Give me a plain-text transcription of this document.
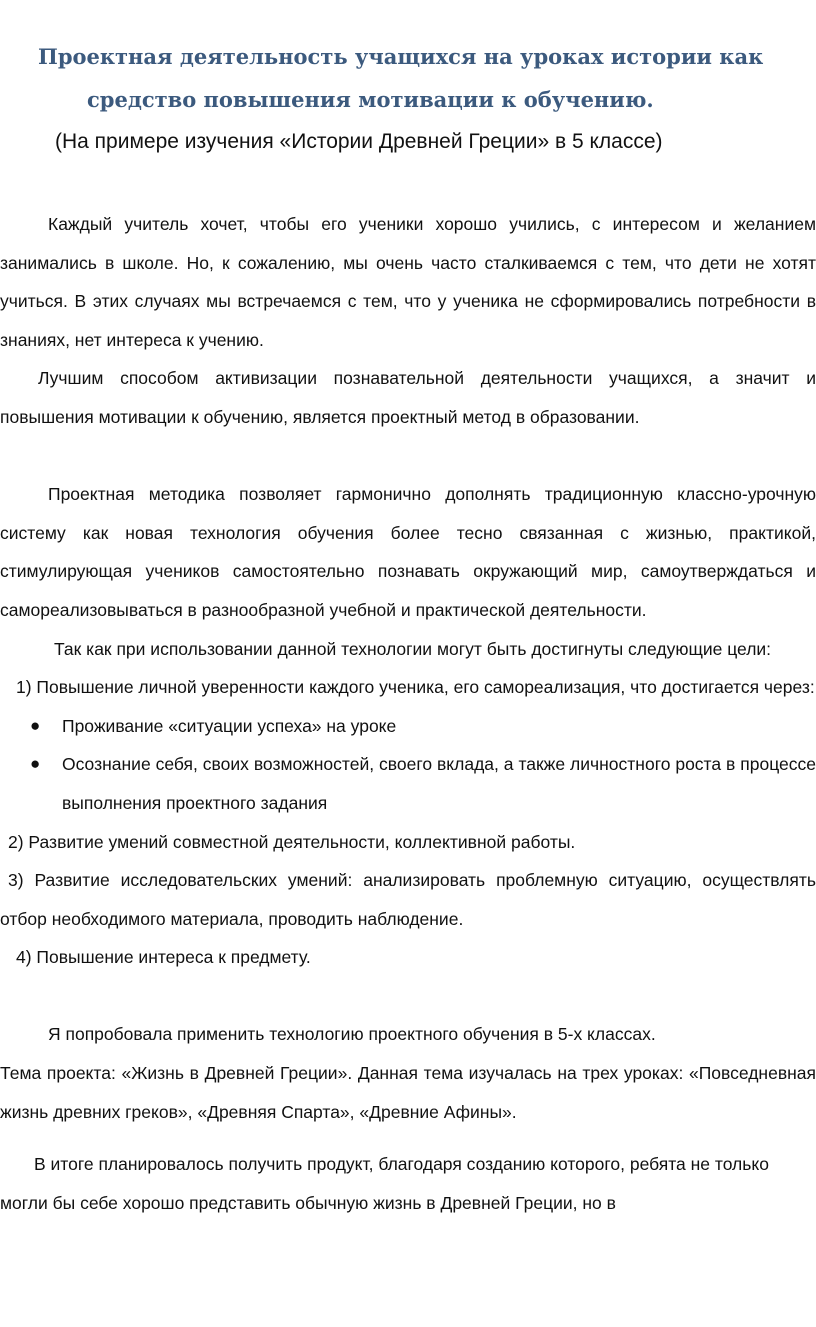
Проектная деятельность учащихся на уроках истории как
средство повышения мотивации к обучению.
(На примере изучения «Истории Древней Греции» в 5 классе)

Каждый учитель хочет, чтобы его ученики хорошо учились, с интересом и желанием занимались в школе. Но, к сожалению, мы очень часто сталкиваемся с тем, что дети не хотят учиться. В этих случаях мы встречаемся с тем, что у ученика не сформировались потребности в знаниях, нет интереса к учению.

Лучшим способом активизации познавательной деятельности учащихся, а значит и повышения мотивации к обучению, является проектный метод в образовании.

Проектная методика позволяет гармонично дополнять традиционную классно-урочную систему как новая технология обучения более тесно связанная с жизнью, практикой, стимулирующая учеников самостоятельно познавать окружающий мир, самоутверждаться и самореализовываться в разнообразной учебной и практической деятельности.

Так как при использовании данной технологии могут быть достигнуты следующие цели:

1) Повышение личной уверенности каждого ученика, его самореализация, что достигается через:

● Проживание «ситуации успеха» на уроке
● Осознание себя, своих возможностей, своего вклада, а также личностного роста в процессе выполнения проектного задания

2) Развитие умений совместной деятельности, коллективной работы.

3) Развитие исследовательских умений: анализировать проблемную ситуацию, осуществлять отбор необходимого материала, проводить наблюдение.

4) Повышение интереса к предмету.

Я попробовала применить технологию проектного обучения в 5-х классах.

Тема проекта: «Жизнь в Древней Греции». Данная тема изучалась на трех уроках: «Повседневная жизнь древних греков», «Древняя Спарта», «Древние Афины».

В итоге планировалось получить продукт, благодаря созданию которого, ребята не только могли бы себе хорошо представить обычную жизнь в Древней Греции, но в
